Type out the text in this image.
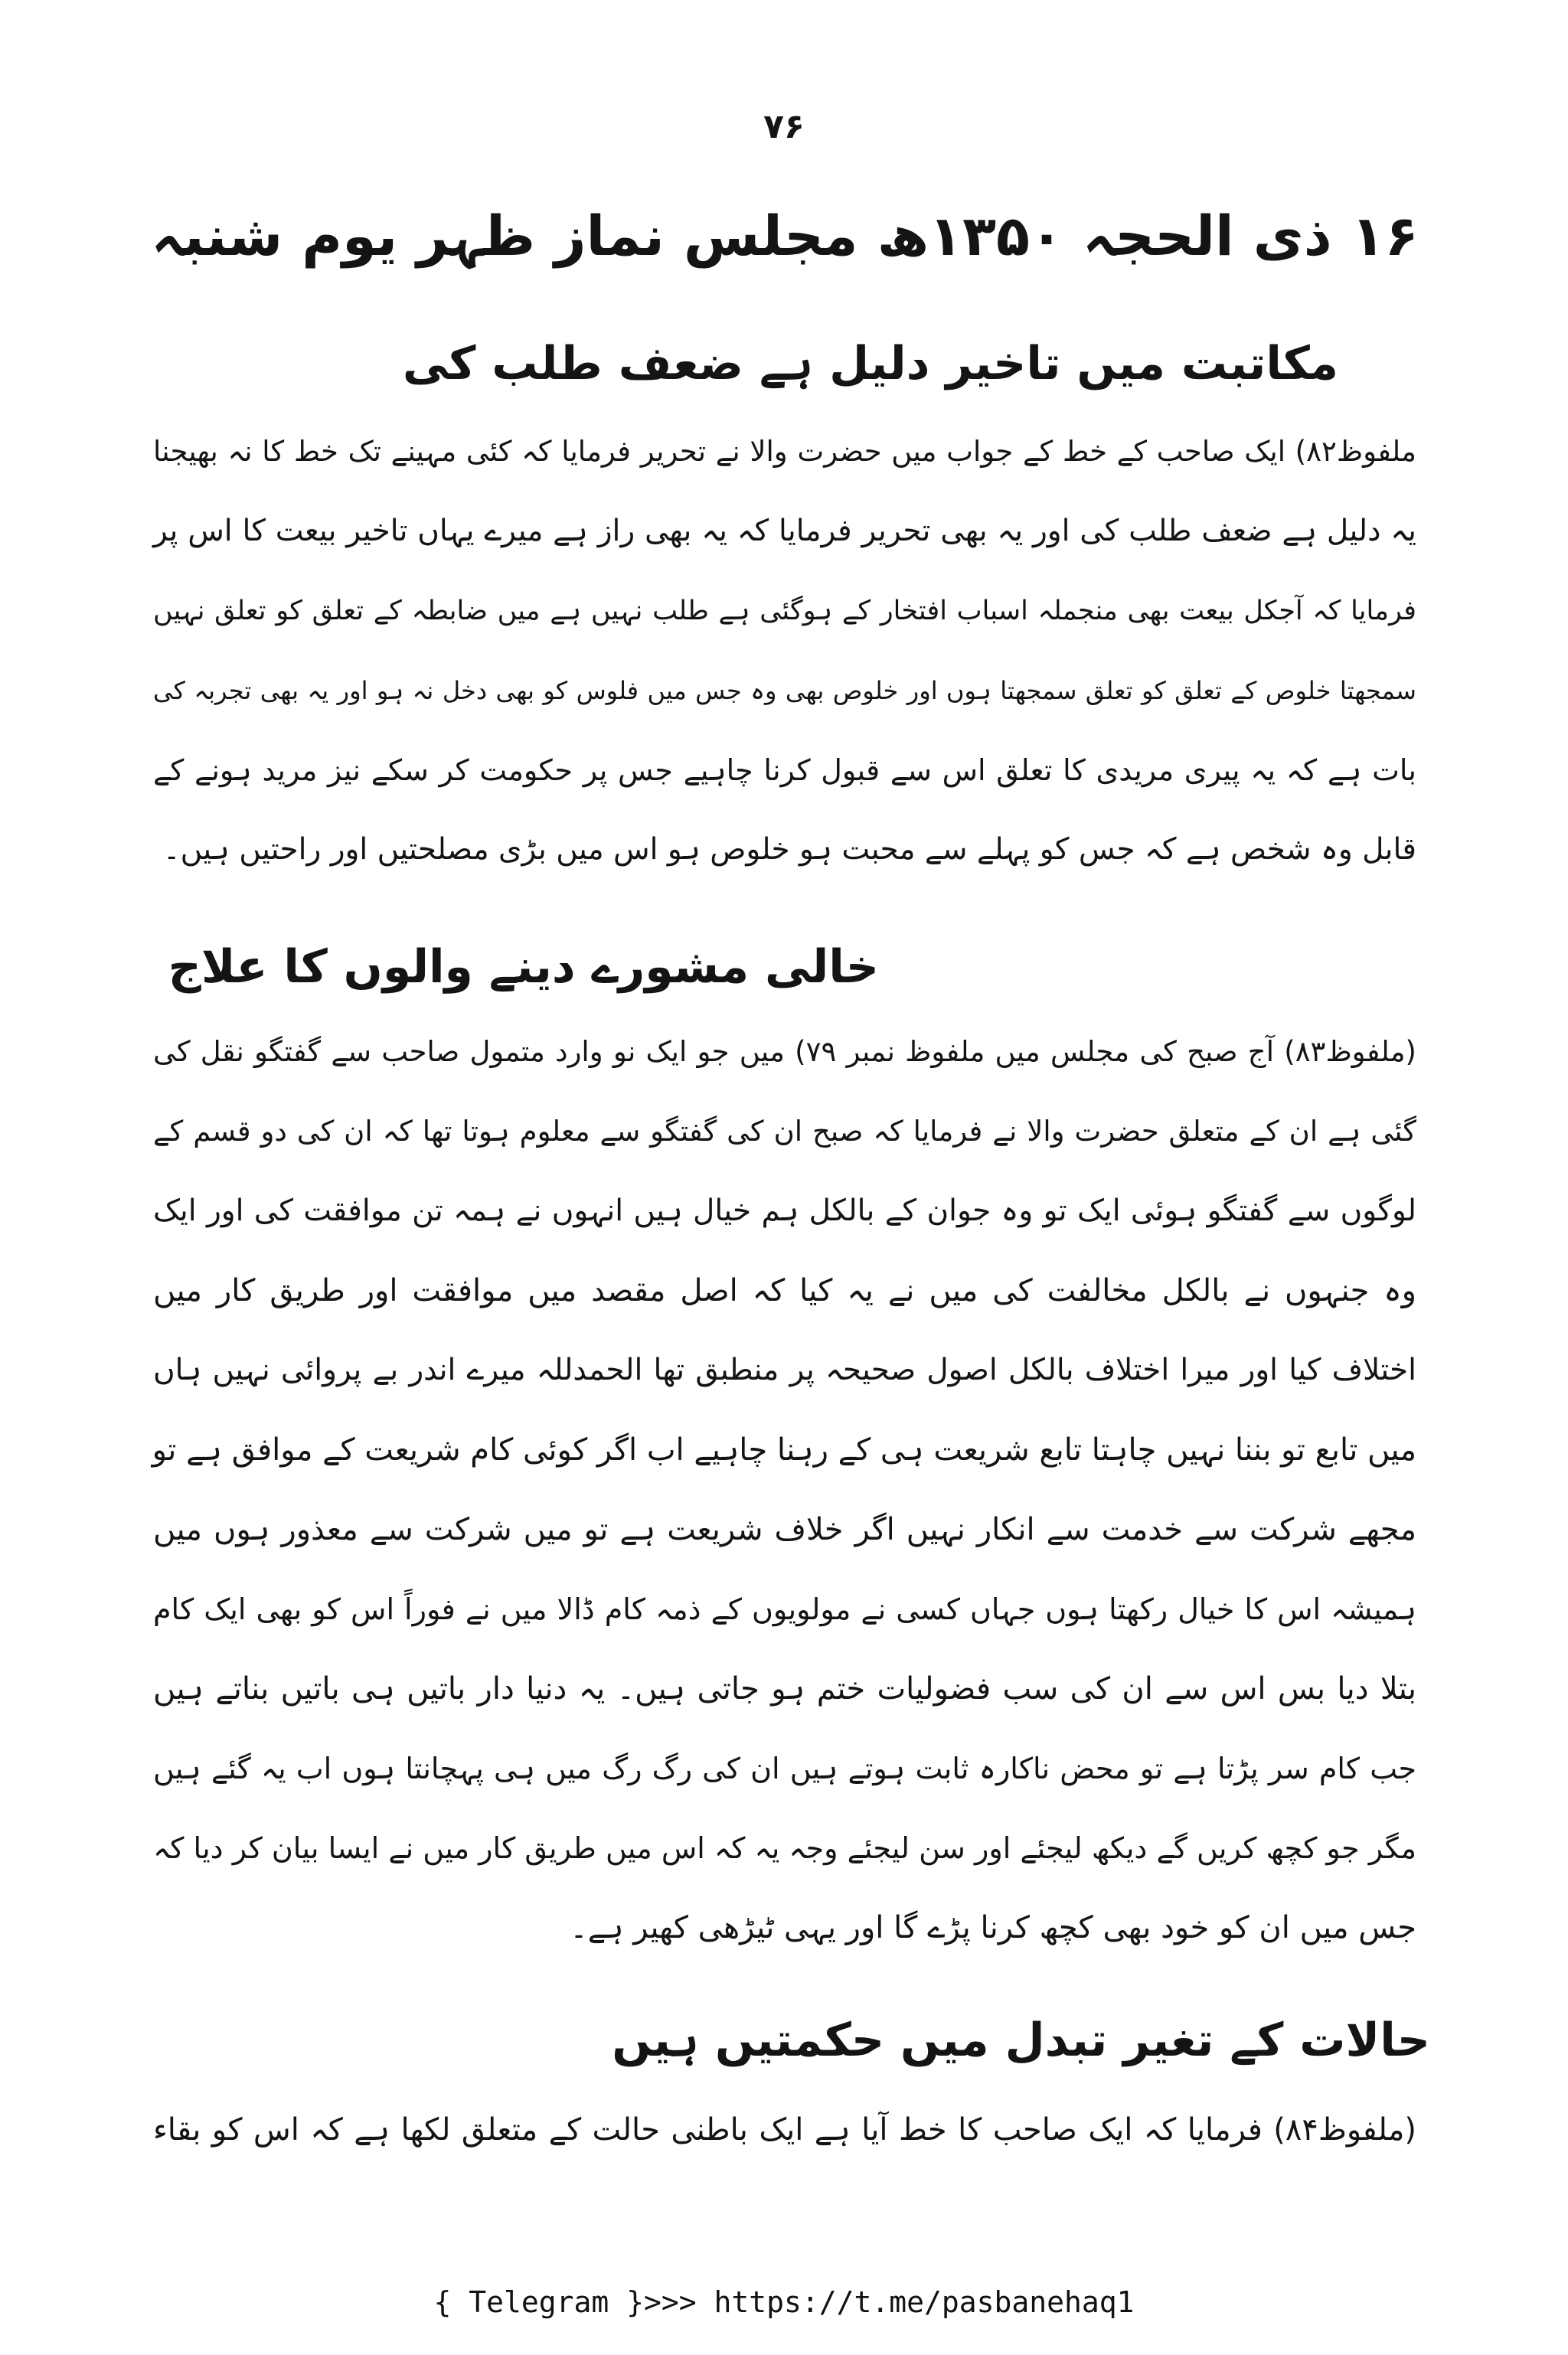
۷۶
۱۶ ذی الحجہ ۱۳۵۰ھ مجلس نماز ظہر یوم شنبہ
مکاتبت میں تاخیر دلیل ہے ضعف طلب کی
ملفوظ۸۲) ایک صاحب کے خط کے جواب میں حضرت والا نے تحریر فرمایا کہ کئی مہینے تک خط کا نہ بھیجنا
یہ دلیل ہے ضعف طلب کی اور یہ بھی تحریر فرمایا کہ یہ بھی راز ہے میرے یہاں تاخیر بیعت کا اس پر
فرمایا کہ آجکل بیعت بھی منجملہ اسباب افتخار کے ہوگئی ہے طلب نہیں ہے میں ضابطہ کے تعلق کو تعلق نہیں
سمجھتا خلوص کے تعلق کو تعلق سمجھتا ہوں اور خلوص بھی وہ جس میں فلوس کو بھی دخل نہ ہو اور یہ بھی تجربہ کی
بات ہے کہ یہ پیری مریدی کا تعلق اس سے قبول کرنا چاہیے جس پر حکومت کر سکے نیز مرید ہونے کے
قابل وہ شخص ہے کہ جس کو پہلے سے محبت ہو خلوص ہو اس میں بڑی مصلحتیں اور راحتیں ہیں۔
خالی مشورے دینے والوں کا علاج
(ملفوظ۸۳) آج صبح کی مجلس میں ملفوظ نمبر ۷۹) میں جو ایک نو وارد متمول صاحب سے گفتگو نقل کی
گئی ہے ان کے متعلق حضرت والا نے فرمایا کہ صبح ان کی گفتگو سے معلوم ہوتا تھا کہ ان کی دو قسم کے
لوگوں سے گفتگو ہوئی ایک تو وہ جوان کے بالکل ہم خیال ہیں انہوں نے ہمہ تن موافقت کی اور ایک
وہ جنہوں نے بالکل مخالفت کی میں نے یہ کیا کہ اصل مقصد میں موافقت اور طریق کار میں
اختلاف کیا اور میرا اختلاف بالکل اصول صحیحہ پر منطبق تھا الحمدللہ میرے اندر بے پروائی نہیں ہاں
میں تابع تو بننا نہیں چاہتا تابع شریعت ہی کے رہنا چاہیے اب اگر کوئی کام شریعت کے موافق ہے تو
مجھے شرکت سے خدمت سے انکار نہیں اگر خلاف شریعت ہے تو میں شرکت سے معذور ہوں میں
ہمیشہ اس کا خیال رکھتا ہوں جہاں کسی نے مولویوں کے ذمہ کام ڈالا میں نے فوراً اس کو بھی ایک کام
بتلا دیا بس اس سے ان کی سب فضولیات ختم ہو جاتی ہیں۔ یہ دنیا دار باتیں ہی باتیں بناتے ہیں
جب کام سر پڑتا ہے تو محض ناکارہ ثابت ہوتے ہیں ان کی رگ رگ میں ہی پہچانتا ہوں اب یہ گئے ہیں
مگر جو کچھ کریں گے دیکھ لیجئے اور سن لیجئے وجہ یہ کہ اس میں طریق کار میں نے ایسا بیان کر دیا کہ
جس میں ان کو خود بھی کچھ کرنا پڑے گا اور یہی ٹیڑھی کھیر ہے۔
حالات کے تغیر تبدل میں حکمتیں ہیں
(ملفوظ۸۴) فرمایا کہ ایک صاحب کا خط آیا ہے ایک باطنی حالت کے متعلق لکھا ہے کہ اس کو بقاء
{ Telegram }>>> https://t.me/pasbanehaq1
